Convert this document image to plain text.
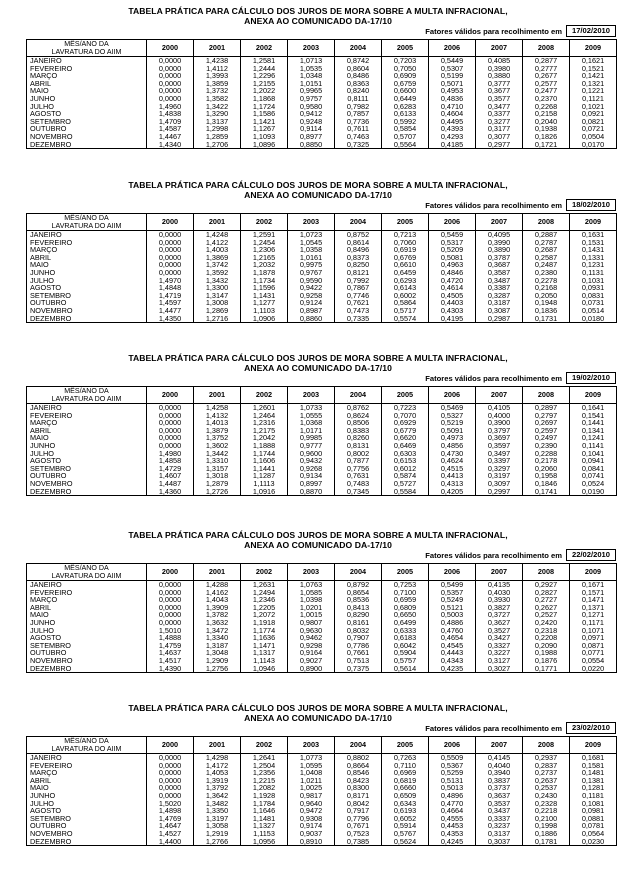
TABELA PRÁTICA PARA CÁLCULO DOS JUROS DE MORA SOBRE A MULTA INFRACIONAL,
ANEXA AO COMUNICADO DA-17/10
Fatores válidos para recolhimento em	17/02/2010
MÊS/ANO DA
LAVRATURA DO AIIM	2000	2001	2002	2003	2004	2005	2006	2007	2008	2009
JANEIRO	0,0000	1,4238	1,2581	1,0713	0,8742	0,7203	0,5449	0,4085	0,2877	0,1621
FEVEREIRO	0,0000	1,4112	1,2444	1,0535	0,8604	0,7050	0,5307	0,3980	0,2777	0,1521
MARÇO	0,0000	1,3993	1,2296	1,0348	0,8486	0,6909	0,5199	0,3880	0,2677	0,1421
ABRIL	0,0000	1,3859	1,2155	1,0151	0,8363	0,6759	0,5071	0,3777	0,2577	0,1321
MAIO	0,0000	1,3732	1,2022	0,9965	0,8240	0,6600	0,4953	0,3677	0,2477	0,1221
JUNHO	0,0000	1,3582	1,1868	0,9757	0,8111	0,6449	0,4836	0,3577	0,2370	0,1121
JULHO	1,4960	1,3422	1,1724	0,9580	0,7982	0,6283	0,4710	0,3477	0,2268	0,1021
AGOSTO	1,4838	1,3290	1,1586	0,9412	0,7857	0,6133	0,4604	0,3377	0,2158	0,0921
SETEMBRO	1,4709	1,3137	1,1421	0,9248	0,7736	0,5992	0,4495	0,3277	0,2040	0,0821
OUTUBRO	1,4587	1,2998	1,1267	0,9114	0,7611	0,5854	0,4393	0,3177	0,1938	0,0721
NOVEMBRO	1,4467	1,2859	1,1093	0,8977	0,7463	0,5707	0,4293	0,3077	0,1826	0,0504
DEZEMBRO	1,4340	1,2706	1,0896	0,8850	0,7325	0,5564	0,4185	0,2977	0,1721	0,0170
TABELA PRÁTICA PARA CÁLCULO DOS JUROS DE MORA SOBRE A MULTA INFRACIONAL,
ANEXA AO COMUNICADO DA-17/10
Fatores válidos para recolhimento em	18/02/2010
MÊS/ANO DA
LAVRATURA DO AIIM	2000	2001	2002	2003	2004	2005	2006	2007	2008	2009
JANEIRO	0,0000	1,4248	1,2591	1,0723	0,8752	0,7213	0,5459	0,4095	0,2887	0,1631
FEVEREIRO	0,0000	1,4122	1,2454	1,0545	0,8614	0,7060	0,5317	0,3990	0,2787	0,1531
MARÇO	0,0000	1,4003	1,2306	1,0358	0,8496	0,6919	0,5209	0,3890	0,2687	0,1431
ABRIL	0,0000	1,3869	1,2165	1,0161	0,8373	0,6769	0,5081	0,3787	0,2587	0,1331
MAIO	0,0000	1,3742	1,2032	0,9975	0,8250	0,6610	0,4963	0,3687	0,2487	0,1231
JUNHO	0,0000	1,3592	1,1878	0,9767	0,8121	0,6459	0,4846	0,3587	0,2380	0,1131
JULHO	1,4970	1,3432	1,1734	0,9590	0,7992	0,6293	0,4720	0,3487	0,2278	0,1031
AGOSTO	1,4848	1,3300	1,1596	0,9422	0,7867	0,6143	0,4614	0,3387	0,2168	0,0931
SETEMBRO	1,4719	1,3147	1,1431	0,9258	0,7746	0,6002	0,4505	0,3287	0,2050	0,0831
OUTUBRO	1,4597	1,3008	1,1277	0,9124	0,7621	0,5864	0,4403	0,3187	0,1948	0,0731
NOVEMBRO	1,4477	1,2869	1,1103	0,8987	0,7473	0,5717	0,4303	0,3087	0,1836	0,0514
DEZEMBRO	1,4350	1,2716	1,0906	0,8860	0,7335	0,5574	0,4195	0,2987	0,1731	0,0180
TABELA PRÁTICA PARA CÁLCULO DOS JUROS DE MORA SOBRE A MULTA INFRACIONAL,
ANEXA AO COMUNICADO DA-17/10
Fatores válidos para recolhimento em	19/02/2010
MÊS/ANO DA
LAVRATURA DO AIIM	2000	2001	2002	2003	2004	2005	2006	2007	2008	2009
JANEIRO	0,0000	1,4258	1,2601	1,0733	0,8762	0,7223	0,5469	0,4105	0,2897	0,1641
FEVEREIRO	0,0000	1,4132	1,2464	1,0555	0,8624	0,7070	0,5327	0,4000	0,2797	0,1541
MARÇO	0,0000	1,4013	1,2316	1,0368	0,8506	0,6929	0,5219	0,3900	0,2697	0,1441
ABRIL	0,0000	1,3879	1,2175	1,0171	0,8383	0,6779	0,5091	0,3797	0,2597	0,1341
MAIO	0,0000	1,3752	1,2042	0,9985	0,8260	0,6620	0,4973	0,3697	0,2497	0,1241
JUNHO	0,0000	1,3602	1,1888	0,9777	0,8131	0,6469	0,4856	0,3597	0,2390	0,1141
JULHO	1,4980	1,3442	1,1744	0,9600	0,8002	0,6303	0,4730	0,3497	0,2288	0,1041
AGOSTO	1,4858	1,3310	1,1606	0,9432	0,7877	0,6153	0,4624	0,3397	0,2178	0,0941
SETEMBRO	1,4729	1,3157	1,1441	0,9268	0,7756	0,6012	0,4515	0,3297	0,2060	0,0841
OUTUBRO	1,4607	1,3018	1,1287	0,9134	0,7631	0,5874	0,4413	0,3197	0,1958	0,0741
NOVEMBRO	1,4487	1,2879	1,1113	0,8997	0,7483	0,5727	0,4313	0,3097	0,1846	0,0524
DEZEMBRO	1,4360	1,2726	1,0916	0,8870	0,7345	0,5584	0,4205	0,2997	0,1741	0,0190
TABELA PRÁTICA PARA CÁLCULO DOS JUROS DE MORA SOBRE A MULTA INFRACIONAL,
ANEXA AO COMUNICADO DA-17/10
Fatores válidos para recolhimento em	22/02/2010
MÊS/ANO DA
LAVRATURA DO AIIM	2000	2001	2002	2003	2004	2005	2006	2007	2008	2009
JANEIRO	0,0000	1,4288	1,2631	1,0763	0,8792	0,7253	0,5499	0,4135	0,2927	0,1671
FEVEREIRO	0,0000	1,4162	1,2494	1,0585	0,8654	0,7100	0,5357	0,4030	0,2827	0,1571
MARÇO	0,0000	1,4043	1,2346	1,0398	0,8536	0,6959	0,5249	0,3930	0,2727	0,1471
ABRIL	0,0000	1,3909	1,2205	1,0201	0,8413	0,6809	0,5121	0,3827	0,2627	0,1371
MAIO	0,0000	1,3782	1,2072	1,0015	0,8290	0,6650	0,5003	0,3727	0,2527	0,1271
JUNHO	0,0000	1,3632	1,1918	0,9807	0,8161	0,6499	0,4886	0,3627	0,2420	0,1171
JULHO	1,5010	1,3472	1,1774	0,9630	0,8032	0,6333	0,4760	0,3527	0,2318	0,1071
AGOSTO	1,4888	1,3340	1,1636	0,9462	0,7907	0,6183	0,4654	0,3427	0,2208	0,0971
SETEMBRO	1,4759	1,3187	1,1471	0,9298	0,7786	0,6042	0,4545	0,3327	0,2090	0,0871
OUTUBRO	1,4637	1,3048	1,1317	0,9164	0,7661	0,5904	0,4443	0,3227	0,1988	0,0771
NOVEMBRO	1,4517	1,2909	1,1143	0,9027	0,7513	0,5757	0,4343	0,3127	0,1876	0,0554
DEZEMBRO	1,4390	1,2756	1,0946	0,8900	0,7375	0,5614	0,4235	0,3027	0,1771	0,0220
TABELA PRÁTICA PARA CÁLCULO DOS JUROS DE MORA SOBRE A MULTA INFRACIONAL,
ANEXA AO COMUNICADO DA-17/10
Fatores válidos para recolhimento em	23/02/2010
MÊS/ANO DA
LAVRATURA DO AIIM	2000	2001	2002	2003	2004	2005	2006	2007	2008	2009
JANEIRO	0,0000	1,4298	1,2641	1,0773	0,8802	0,7263	0,5509	0,4145	0,2937	0,1681
FEVEREIRO	0,0000	1,4172	1,2504	1,0595	0,8664	0,7110	0,5367	0,4040	0,2837	0,1581
MARÇO	0,0000	1,4053	1,2356	1,0408	0,8546	0,6969	0,5259	0,3940	0,2737	0,1481
ABRIL	0,0000	1,3919	1,2215	1,0211	0,8423	0,6819	0,5131	0,3837	0,2637	0,1381
MAIO	0,0000	1,3792	1,2082	1,0025	0,8300	0,6660	0,5013	0,3737	0,2537	0,1281
JUNHO	0,0000	1,3642	1,1928	0,9817	0,8171	0,6509	0,4896	0,3637	0,2430	0,1181
JULHO	1,5020	1,3482	1,1784	0,9640	0,8042	0,6343	0,4770	0,3537	0,2328	0,1081
AGOSTO	1,4898	1,3350	1,1646	0,9472	0,7917	0,6193	0,4664	0,3437	0,2218	0,0981
SETEMBRO	1,4769	1,3197	1,1481	0,9308	0,7796	0,6052	0,4555	0,3337	0,2100	0,0881
OUTUBRO	1,4647	1,3058	1,1327	0,9174	0,7671	0,5914	0,4453	0,3237	0,1998	0,0781
NOVEMBRO	1,4527	1,2919	1,1153	0,9037	0,7523	0,5767	0,4353	0,3137	0,1886	0,0564
DEZEMBRO	1,4400	1,2766	1,0956	0,8910	0,7385	0,5624	0,4245	0,3037	0,1781	0,0230
